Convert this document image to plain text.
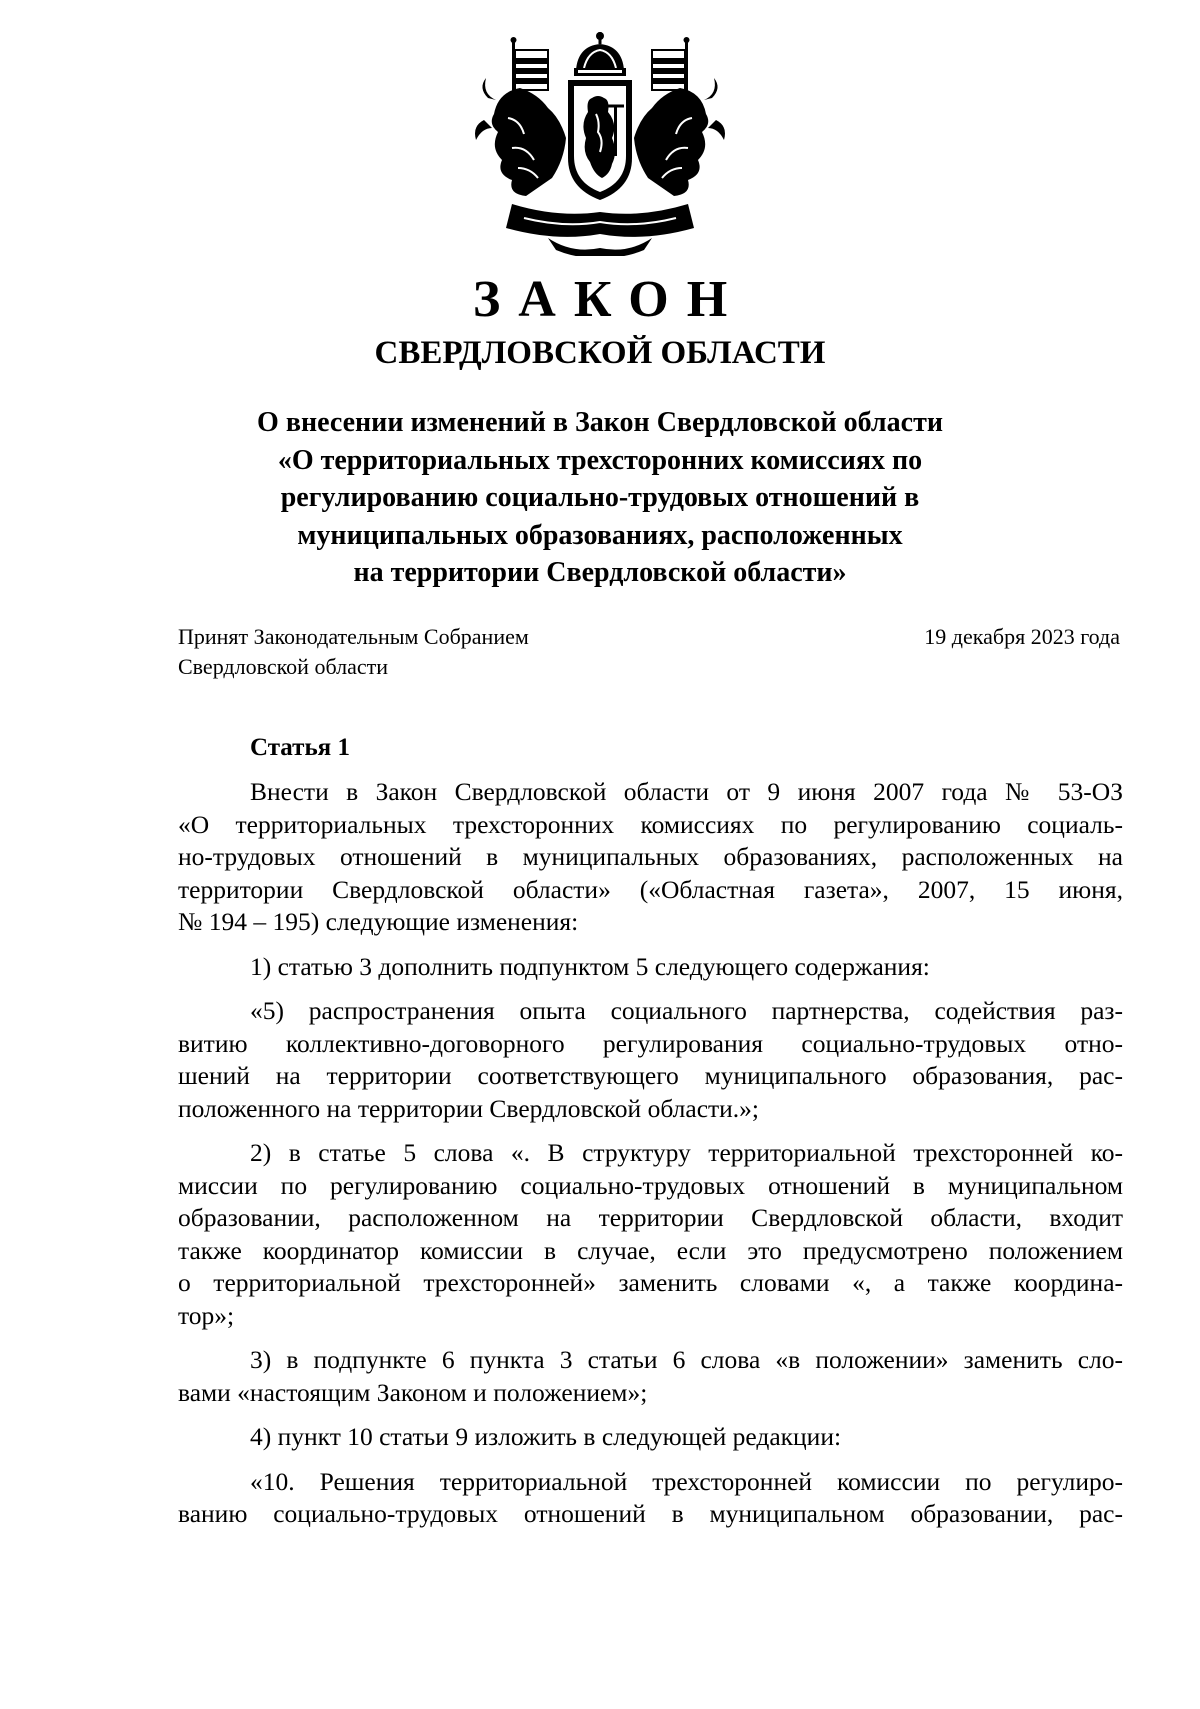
ЗАКОН
СВЕРДЛОВСКОЙ ОБЛАСТИ
О внесении изменений в Закон Свердловской области
«О территориальных трехсторонних комиссиях по
регулированию социально-трудовых отношений в
муниципальных образованиях, расположенных
на территории Свердловской области»
Принят Законодательным Собранием
Свердловской области
19 декабря 2023 года
Статья 1

Внести в Закон Свердловской области от 9 июня 2007 года № 53-ОЗ
«О территориальных трехсторонних комиссиях по регулированию социаль-
но-трудовых отношений в муниципальных образованиях, расположенных на
территории Свердловской области» («Областная газета», 2007, 15 июня,
№ 194 – 195) следующие изменения:

1) статью 3 дополнить подпунктом 5 следующего содержания:

«5) распространения опыта социального партнерства, содействия раз-
витию коллективно-договорного регулирования социально-трудовых отно-
шений на территории соответствующего муниципального образования, рас-
положенного на территории Свердловской области.»;

2) в статье 5 слова «. В структуру территориальной трехсторонней ко-
миссии по регулированию социально-трудовых отношений в муниципальном
образовании, расположенном на территории Свердловской области, входит
также координатор комиссии в случае, если это предусмотрено положением
о территориальной трехсторонней» заменить словами «, а также координа-
тор»;

3) в подпункте 6 пункта 3 статьи 6 слова «в положении» заменить сло-
вами «настоящим Законом и положением»;

4) пункт 10 статьи 9 изложить в следующей редакции:

«10. Решения территориальной трехсторонней комиссии по регулиро-
ванию социально-трудовых отношений в муниципальном образовании, рас-
